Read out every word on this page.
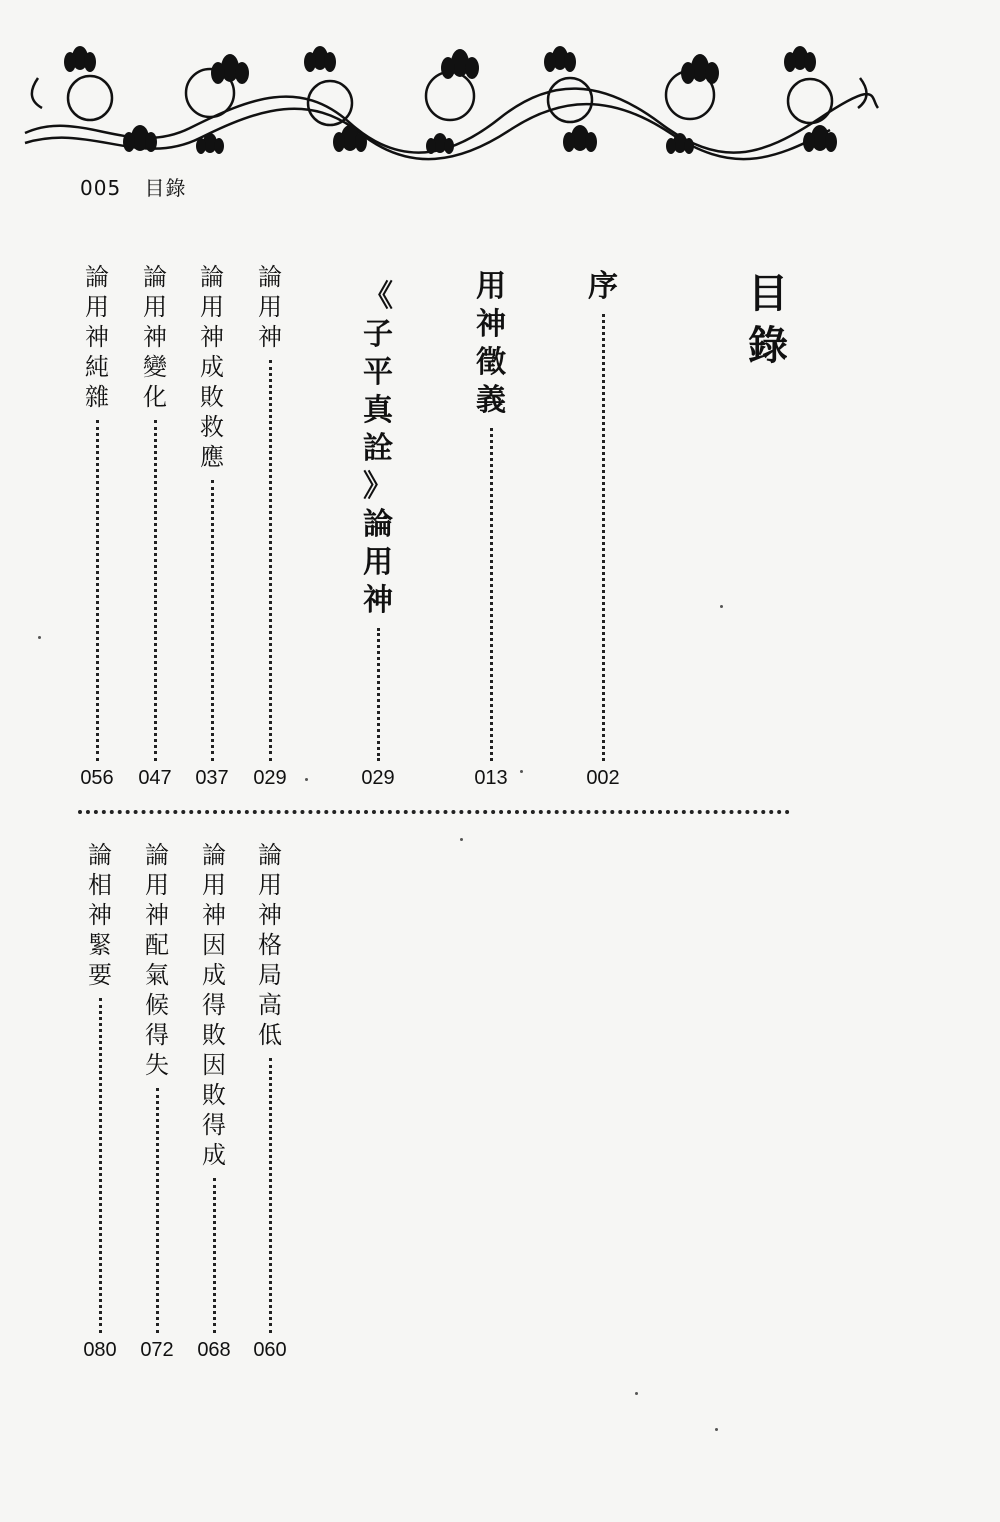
005 目錄
目
錄
序
002
用
神
徵
義
013
《
子
平
真
詮
》
論
用
神
029
論
用
神
029
論
用
神
成
敗
救
應
037
論
用
神
變
化
047
論
用
神
純
雜
056
論
用
神
格
局
高
低
060
論
用
神
因
成
得
敗
因
敗
得
成
068
論
用
神
配
氣
候
得
失
072
論
相
神
緊
要
080
